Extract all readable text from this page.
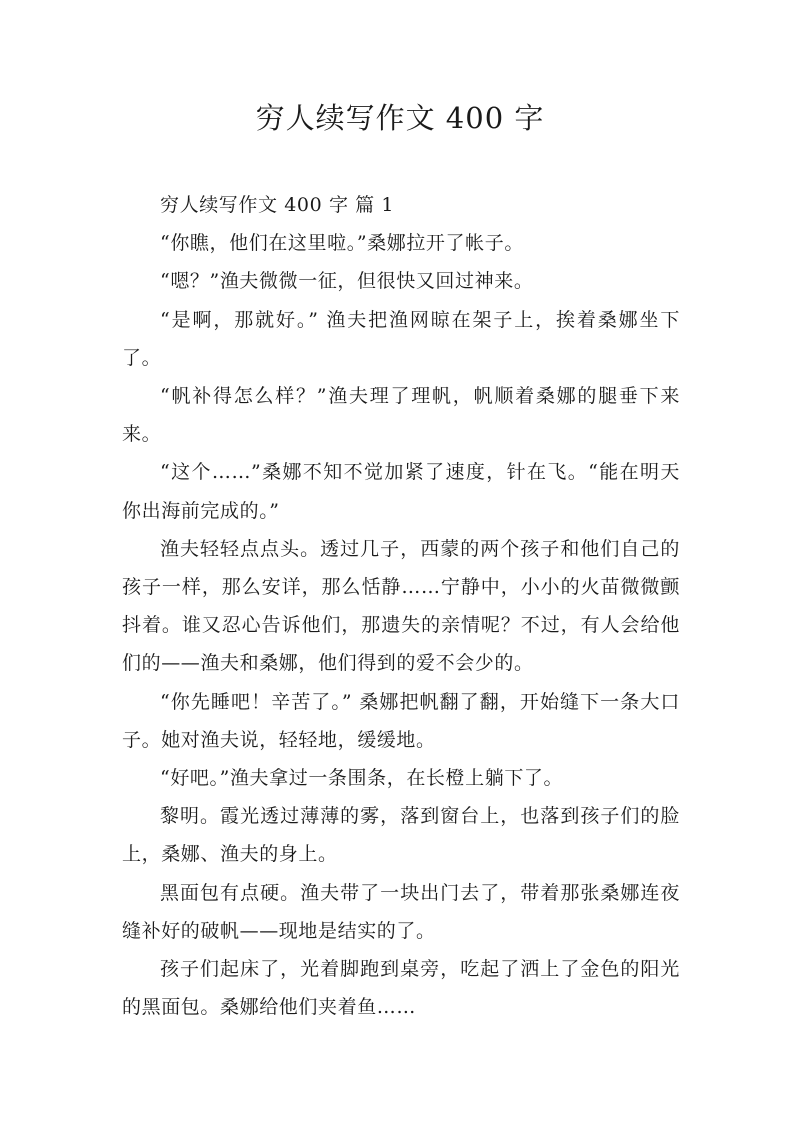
穷人续写作文 400 字

穷人续写作文 400 字 篇 1

“你瞧，他们在这里啦。”桑娜拉开了帐子。

“嗯？”渔夫微微一征，但很快又回过神来。

“是啊，那就好。” 渔夫把渔网晾在架子上，挨着桑娜坐下了。

“帆补得怎么样？”渔夫理了理帆，帆顺着桑娜的腿垂下来来。

“这个……”桑娜不知不觉加紧了速度，针在飞。“能在明天你出海前完成的。”

渔夫轻轻点点头。透过几子，西蒙的两个孩子和他们自己的孩子一样，那么安详，那么恬静……宁静中，小小的火苗微微颤抖着。谁又忍心告诉他们，那遗失的亲情呢？不过，有人会给他们的——渔夫和桑娜，他们得到的爱不会少的。

“你先睡吧！辛苦了。” 桑娜把帆翻了翻，开始缝下一条大口子。她对渔夫说，轻轻地，缓缓地。

“好吧。”渔夫拿过一条围条，在长橙上躺下了。

黎明。霞光透过薄薄的雾，落到窗台上，也落到孩子们的脸上，桑娜、渔夫的身上。

黑面包有点硬。渔夫带了一块出门去了，带着那张桑娜连夜缝补好的破帆——现地是结实的了。

孩子们起床了，光着脚跑到桌旁，吃起了洒上了金色的阳光的黑面包。桑娜给他们夹着鱼……
